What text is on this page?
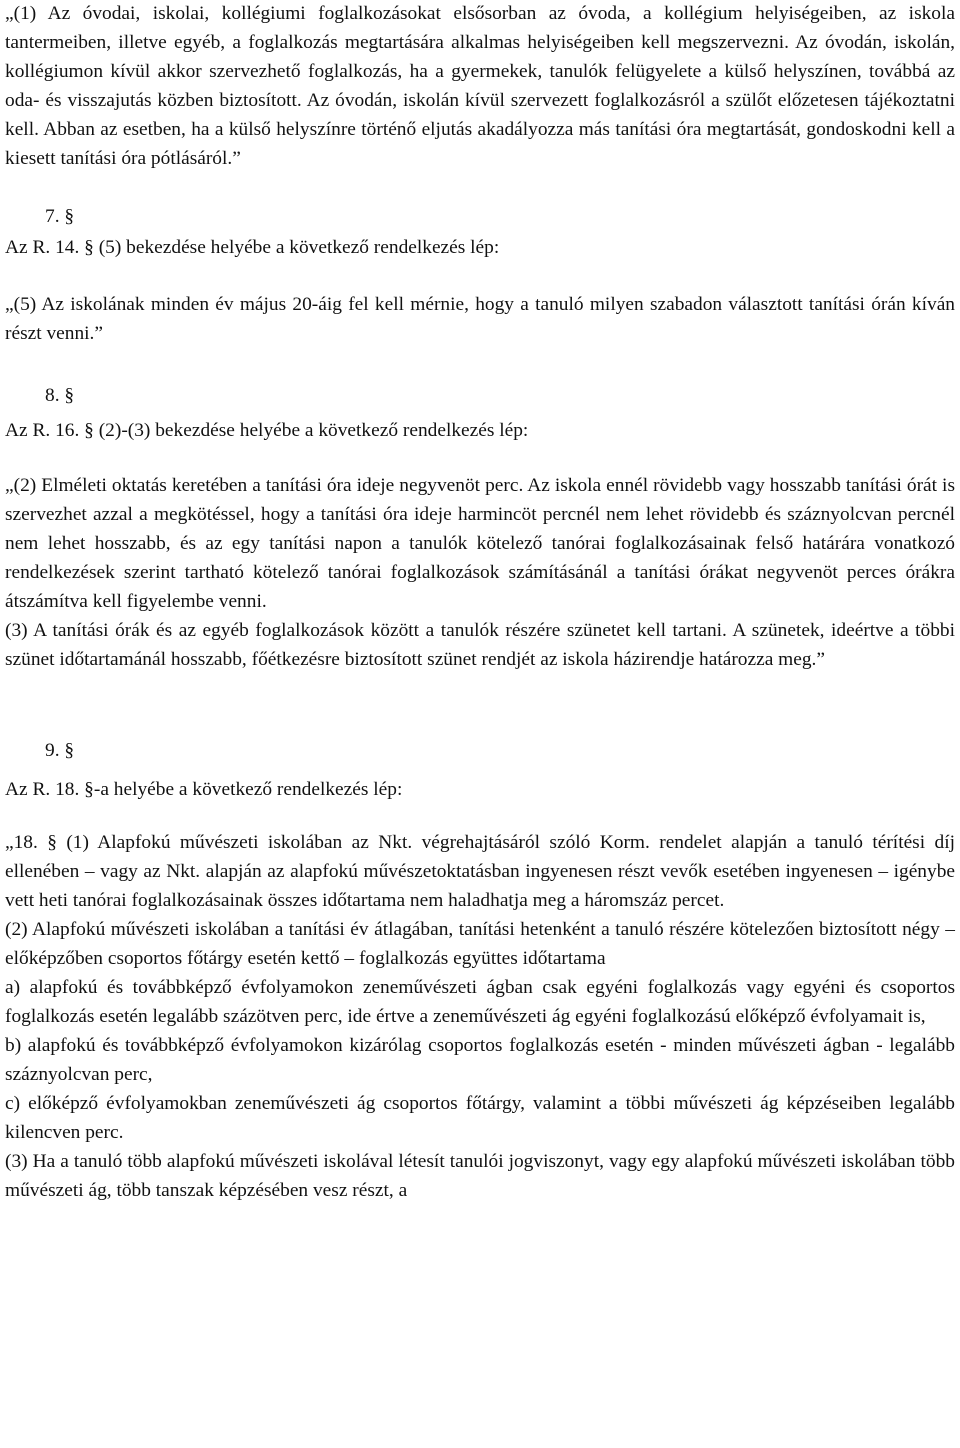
„(1) Az óvodai, iskolai, kollégiumi foglalkozásokat elsősorban az óvoda, a kollégium helyiségeiben, az iskola tantermeiben, illetve egyéb, a foglalkozás megtartására alkalmas helyiségeiben kell megszervezni. Az óvodán, iskolán, kollégiumon kívül akkor szervezhető foglalkozás, ha a gyermekek, tanulók felügyelete a külső helyszínen, továbbá az oda- és visszajutás közben biztosított. Az óvodán, iskolán kívül szervezett foglalkozásról a szülőt előzetesen tájékoztatni kell. Abban az esetben, ha a külső helyszínre történő eljutás akadályozza más tanítási óra megtartását, gondoskodni kell a kiesett tanítási óra pótlásáról.”

7. §

Az R. 14. § (5) bekezdése helyébe a következő rendelkezés lép:

„(5) Az iskolának minden év május 20-áig fel kell mérnie, hogy a tanuló milyen szabadon választott tanítási órán kíván részt venni.”

8. §

Az R. 16. § (2)-(3) bekezdése helyébe a következő rendelkezés lép:

„(2) Elméleti oktatás keretében a tanítási óra ideje negyvenöt perc. Az iskola ennél rövidebb vagy hosszabb tanítási órát is szervezhet azzal a megkötéssel, hogy a tanítási óra ideje harmincöt percnél nem lehet rövidebb és száznyolcvan percnél nem lehet hosszabb, és az egy tanítási napon a tanulók kötelező tanórai foglalkozásainak felső határára vonatkozó rendelkezések szerint tartható kötelező tanórai foglalkozások számításánál a tanítási órákat negyvenöt perces órákra átszámítva kell figyelembe venni.

(3) A tanítási órák és az egyéb foglalkozások között a tanulók részére szünetet kell tartani. A szünetek, ideértve a többi szünet időtartamánál hosszabb, főétkezésre biztosított szünet rendjét az iskola házirendje határozza meg.”

9. §

Az R. 18. §-a helyébe a következő rendelkezés lép:

„18. § (1) Alapfokú művészeti iskolában az Nkt. végrehajtásáról szóló Korm. rendelet alapján a tanuló térítési díj ellenében – vagy az Nkt. alapján az alapfokú művészetoktatásban ingyenesen részt vevők esetében ingyenesen – igénybe vett heti tanórai foglalkozásainak összes időtartama nem haladhatja meg a háromszáz percet.

(2) Alapfokú művészeti iskolában a tanítási év átlagában, tanítási hetenként a tanuló részére kötelezően biztosított négy – előképzőben csoportos főtárgy esetén kettő – foglalkozás együttes időtartama

a) alapfokú és továbbképző évfolyamokon zeneművészeti ágban csak egyéni foglalkozás vagy egyéni és csoportos foglalkozás esetén legalább százötven perc, ide értve a zeneművészeti ág egyéni foglalkozású előképző évfolyamait is,

b) alapfokú és továbbképző évfolyamokon kizárólag csoportos foglalkozás esetén - minden művészeti ágban - legalább száznyolcvan perc,

c) előképző évfolyamokban zeneművészeti ág csoportos főtárgy, valamint a többi művészeti ág képzéseiben legalább kilencven perc.

(3) Ha a tanuló több alapfokú művészeti iskolával létesít tanulói jogviszonyt, vagy egy alapfokú művészeti iskolában több művészeti ág, több tanszak képzésében vesz részt, a
